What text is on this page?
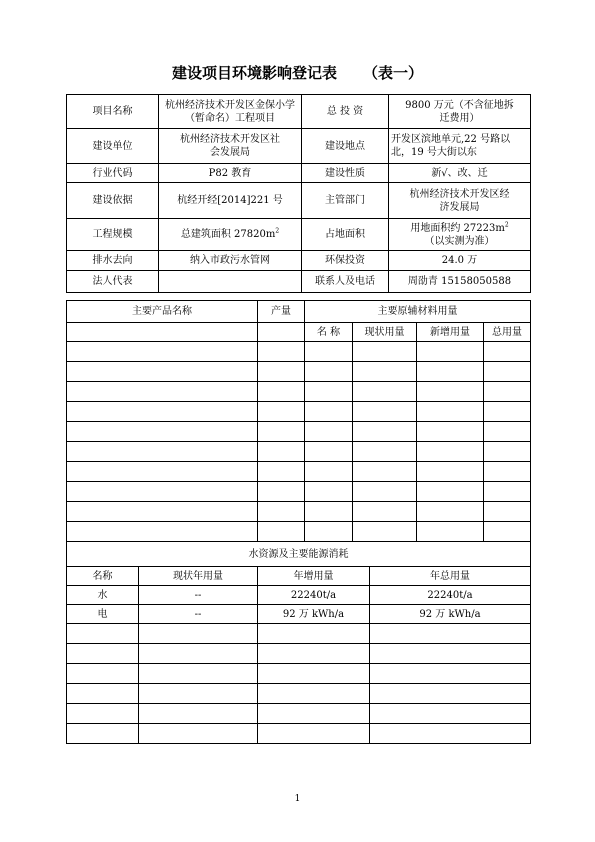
建设项目环境影响登记表 （表一）
项目名称	杭州经济技术开发区金保小学（暂命名）工程项目	总 投 资	9800 万元（不含征地拆迁费用）
建设单位	杭州经济技术开发区社会发展局	建设地点	开发区滨地单元,22 号路以北，19 号大街以东
行业代码	P82 教育	建设性质	新√、改、迁
建设依据	杭经开经[2014]221 号	主管部门	杭州经济技术开发区经济发展局
工程规模	总建筑面积 $27820m^2$	占地面积	用地面积约 $27223m^2$
（以实测为准）
排水去向	纳入市政污水管网	环保投资	24.0 万
法人代表		联系人及电话	周劭青 15158050588
主要产品名称	产量	主要原辅材料用量			
		名 称	现状用量	新增用量	总用量

水资源及主要能源消耗			
名称	现状年用量	年增用量	年总用量
水	--	22240t/a	22240t/a
电	--	92 万 kWh/a	92 万 kWh/a

1
